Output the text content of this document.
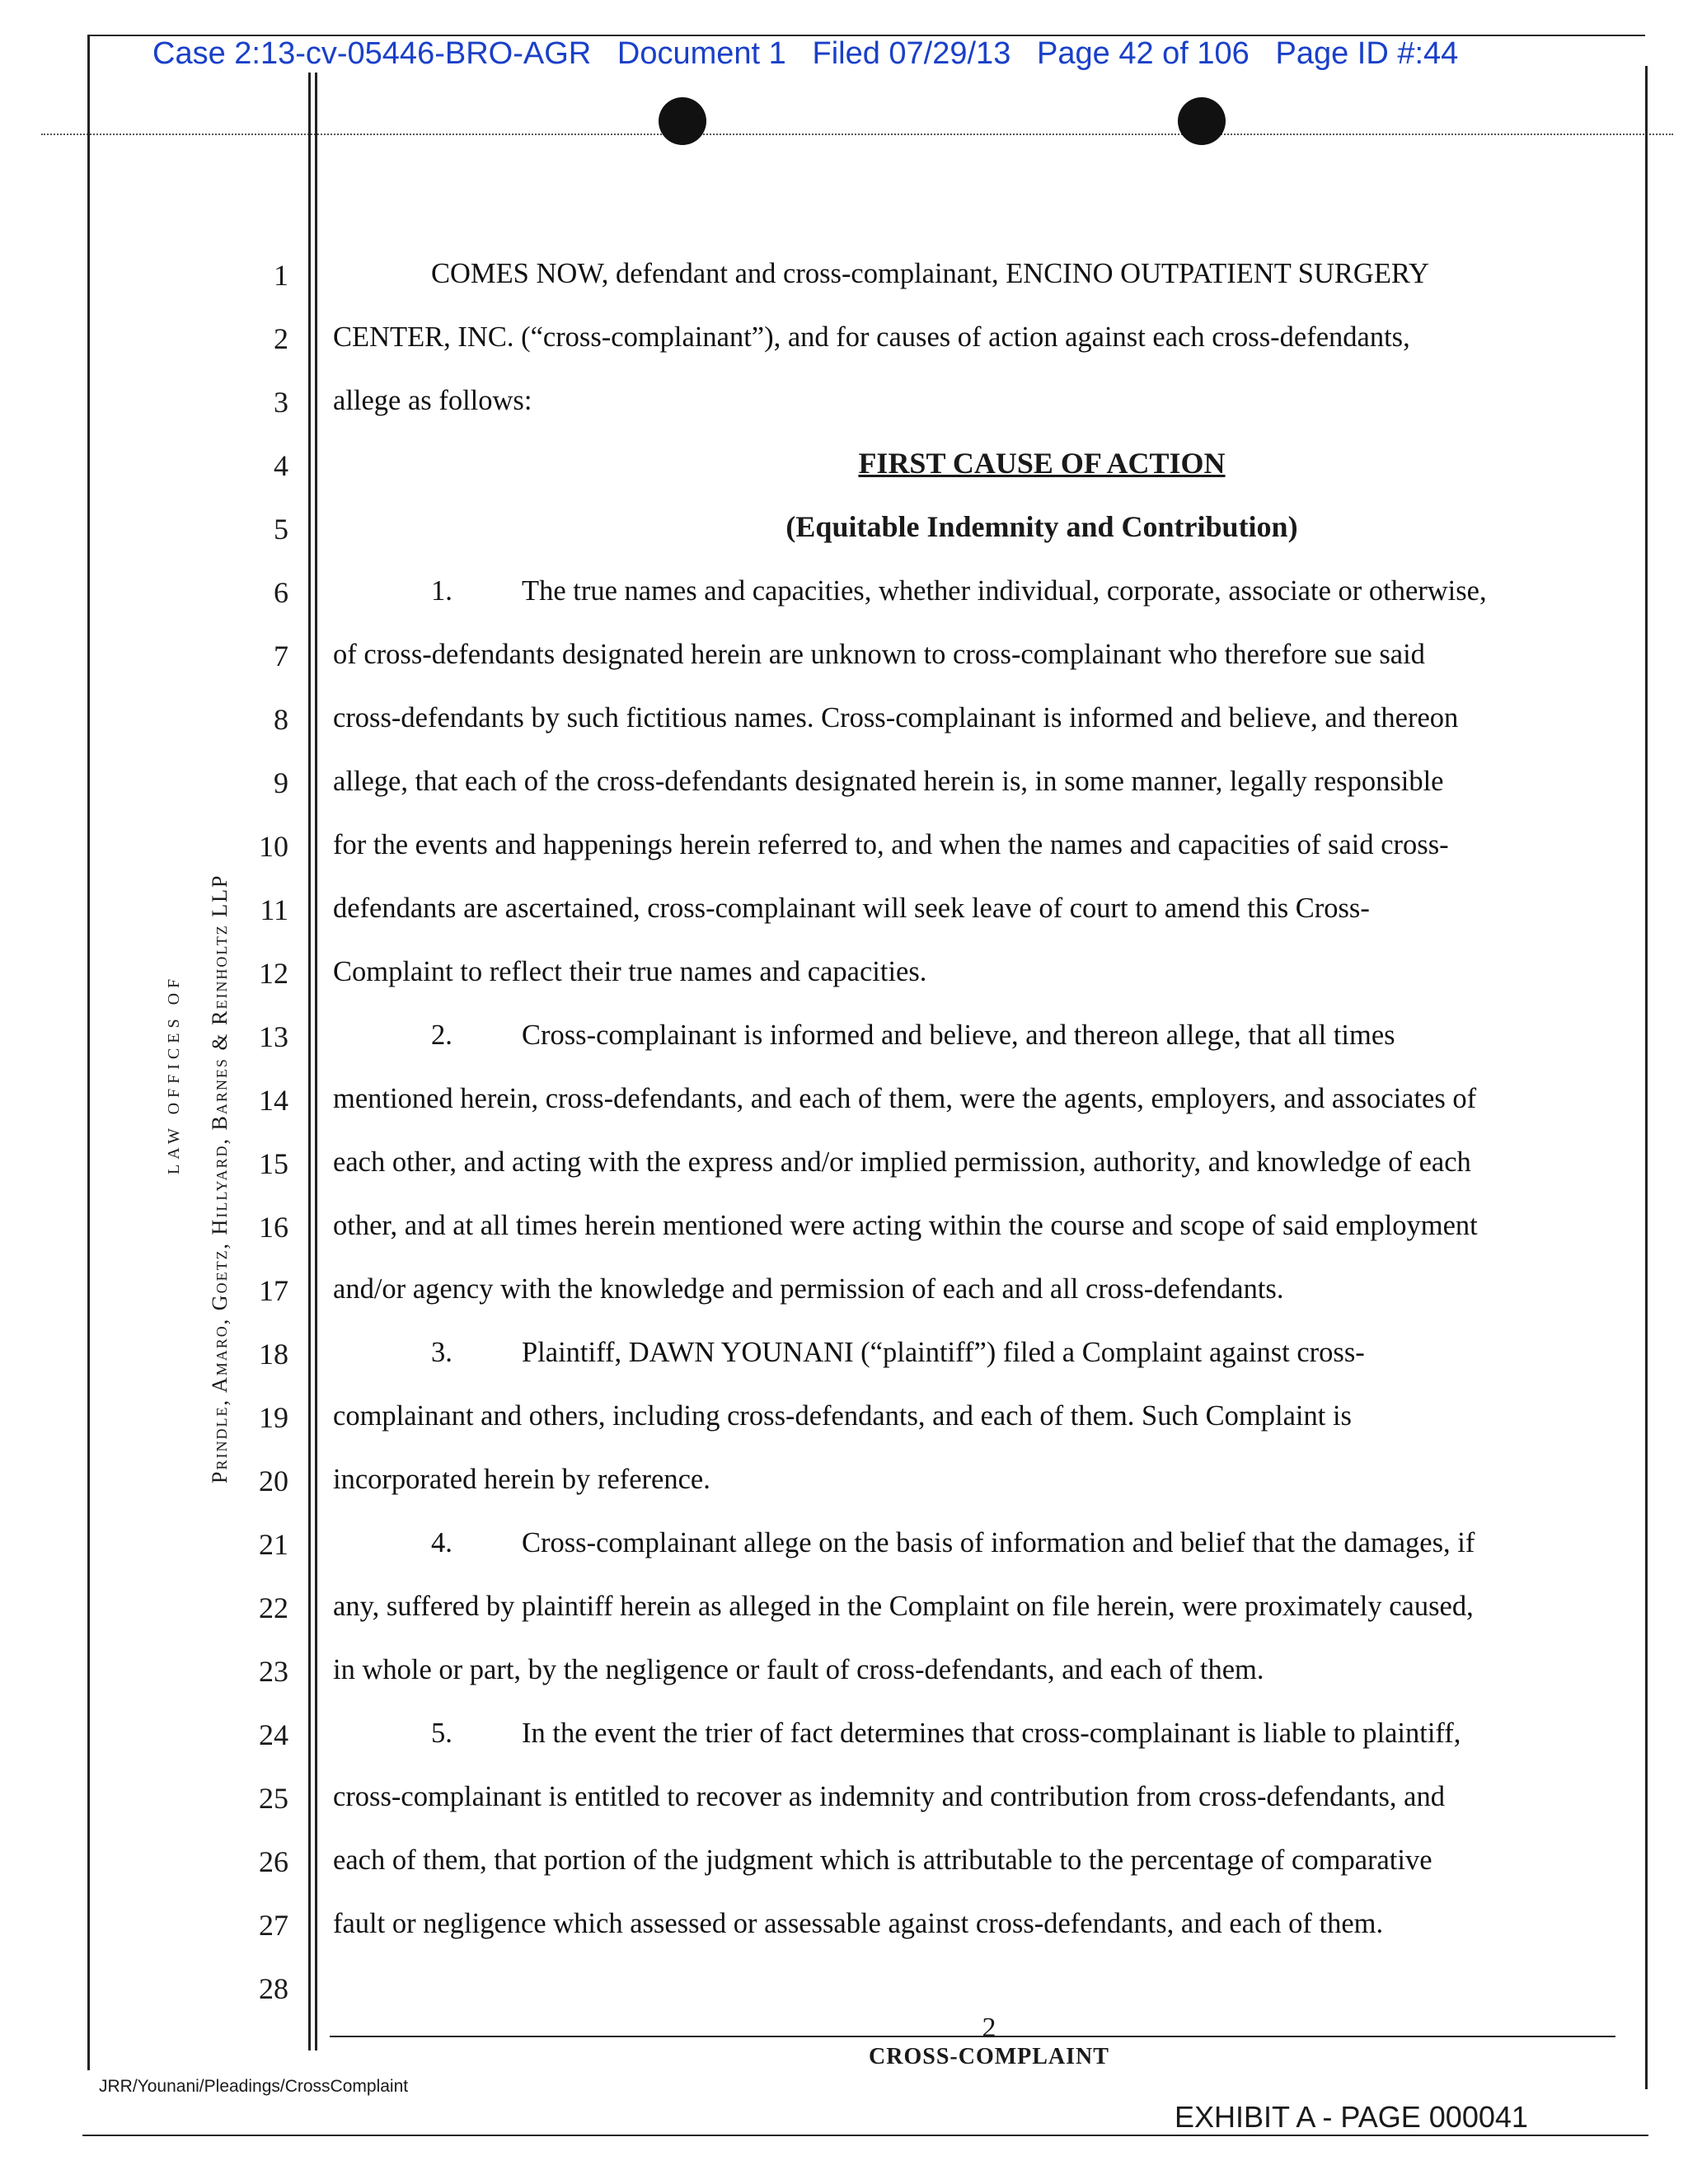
Case 2:13-cv-05446-BRO-AGR Document 1 Filed 07/29/13 Page 42 of 106 Page ID #:44
1
2
3
4
5
6
7
8
9
10
11
12
13
14
15
16
17
18
19
20
21
22
23
24
25
26
27
28
LAW OFFICES OF Prindle, Amaro, Goetz, Hillyard, Barnes & Reinholtz LLP
COMES NOW, defendant and cross-complainant, ENCINO OUTPATIENT SURGERY
CENTER, INC. (“cross-complainant”), and for causes of action against each cross-defendants,
allege as follows:
FIRST CAUSE OF ACTION
(Equitable Indemnity and Contribution)
1. The true names and capacities, whether individual, corporate, associate or otherwise,
of cross-defendants designated herein are unknown to cross-complainant who therefore sue said
cross-defendants by such fictitious names. Cross-complainant is informed and believe, and thereon
allege, that each of the cross-defendants designated herein is, in some manner, legally responsible
for the events and happenings herein referred to, and when the names and capacities of said cross-
defendants are ascertained, cross-complainant will seek leave of court to amend this Cross-
Complaint to reflect their true names and capacities.
2. Cross-complainant is informed and believe, and thereon allege, that all times
mentioned herein, cross-defendants, and each of them, were the agents, employers, and associates of
each other, and acting with the express and/or implied permission, authority, and knowledge of each
other, and at all times herein mentioned were acting within the course and scope of said employment
and/or agency with the knowledge and permission of each and all cross-defendants.
3. Plaintiff, DAWN YOUNANI (“plaintiff”) filed a Complaint against cross-
complainant and others, including cross-defendants, and each of them. Such Complaint is
incorporated herein by reference.
4. Cross-complainant allege on the basis of information and belief that the damages, if
any, suffered by plaintiff herein as alleged in the Complaint on file herein, were proximately caused,
in whole or part, by the negligence or fault of cross-defendants, and each of them.
5. In the event the trier of fact determines that cross-complainant is liable to plaintiff,
cross-complainant is entitled to recover as indemnity and contribution from cross-defendants, and
each of them, that portion of the judgment which is attributable to the percentage of comparative
fault or negligence which assessed or assessable against cross-defendants, and each of them.
2
CROSS-COMPLAINT
JRR/Younani/Pleadings/CrossComplaint
EXHIBIT A - PAGE 000041
